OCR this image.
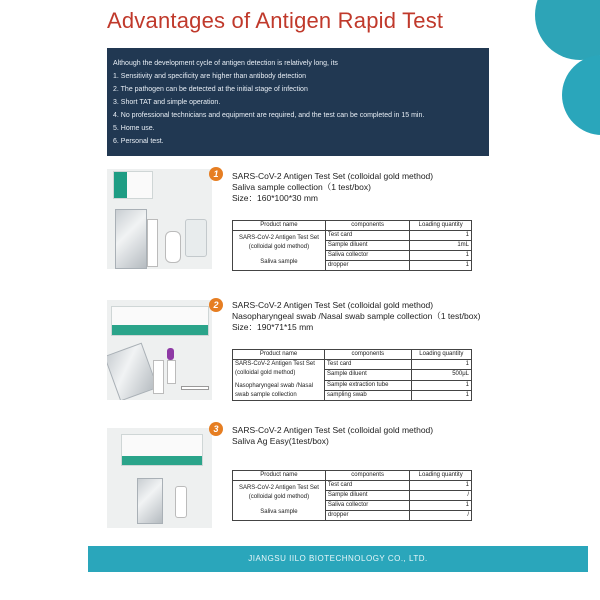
Advantages of Antigen Rapid Test
Although the development cycle of antigen detection is relatively long, its
1. Sensitivity and specificity are higher than antibody detection
2. The pathogen can be detected at the initial stage of infection
3. Short TAT and simple operation.
4. No professional technicians and equipment are required, and the test can be completed in 15 min.
5. Home use.
6. Personal test.
1	SARS-CoV-2 Antigen Test Set (colloidal gold method)
Saliva sample collection（1 test/box)
Size：160*100*30 mm
Product name	components	Loading quantity

SARS-CoV-2 Antigen Test Set
(colloidal gold method)
Saliva sample	Test card	1
	Sample diluent	1mL
	Saliva collector	1
	dropper	1
2	SARS-CoV-2 Antigen Test Set (colloidal gold method)
Nasopharyngeal swab /Nasal swab sample collection（1 test/box)
Size：190*71*15 mm
Product name	components	Loading quantity

SARS-CoV-2 Antigen Test Set
(colloidal gold method)
Nasopharyngeal swab /Nasal
swab sample collection	Test card	1
	Sample diluent	500μL
	Sample extraction tube	1
	sampling swab	1
3	SARS-CoV-2 Antigen Test Set (colloidal gold method)
Saliva Ag Easy(1test/box)
Product name	components	Loading quantity

SARS-CoV-2 Antigen Test Set
(colloidal gold method)
Saliva sample	Test card	1
	Sample diluent	/
	Saliva collector	1
	dropper	/
JIANGSU IILO BIOTECHNOLOGY CO., LTD.
